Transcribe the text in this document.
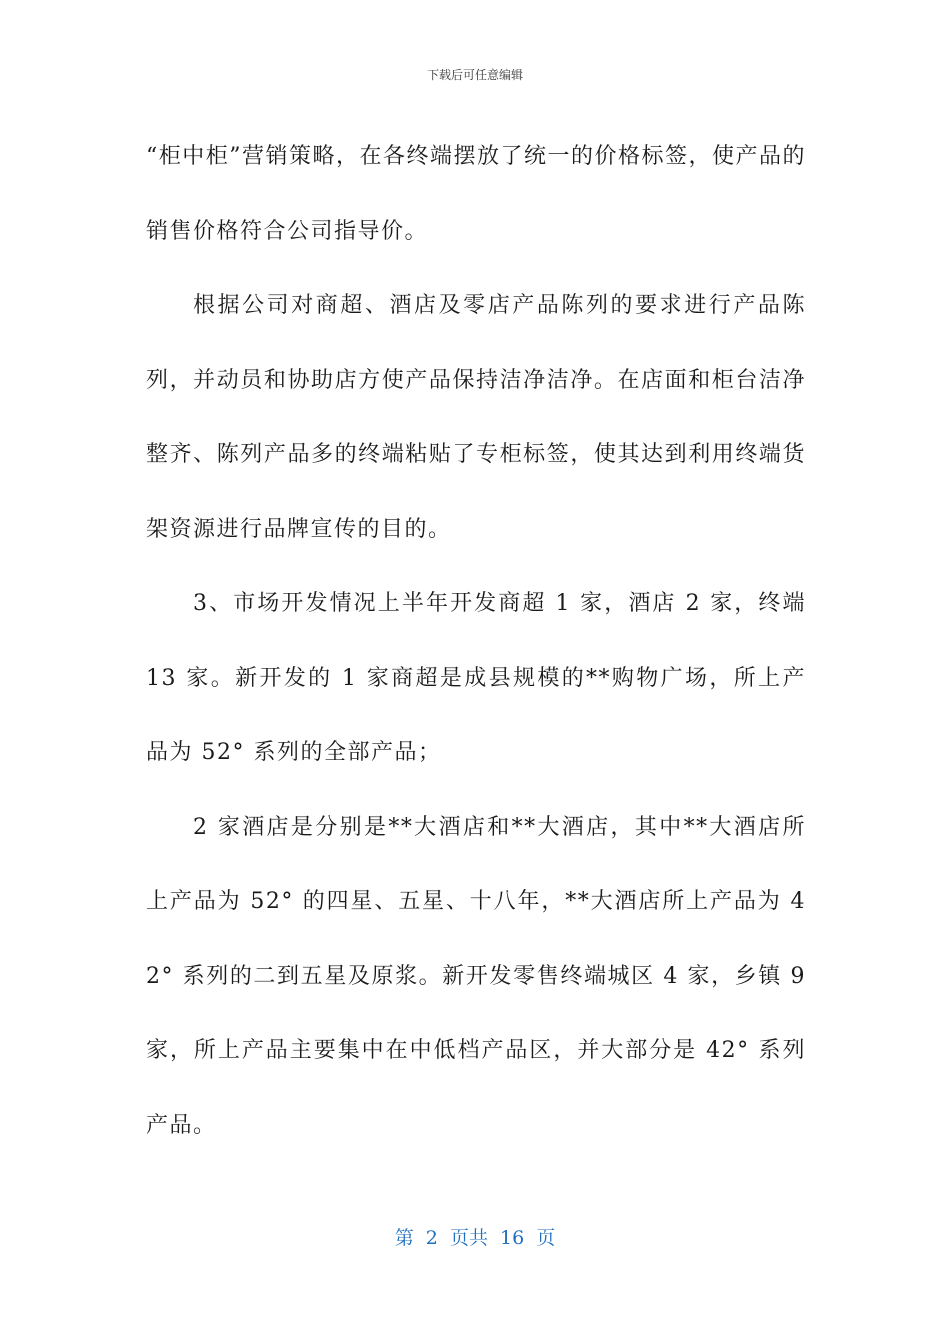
下载后可任意编辑

“柜中柜”营销策略，在各终端摆放了统一的价格标签，使产品的销售价格符合公司指导价。

根据公司对商超、酒店及零店产品陈列的要求进行产品陈列，并动员和协助店方使产品保持洁净洁净。在店面和柜台洁净整齐、陈列产品多的终端粘贴了专柜标签，使其达到利用终端货架资源进行品牌宣传的目的。

3、市场开发情况上半年开发商超 1 家，酒店 2 家，终端 13 家。新开发的 1 家商超是成县规模的**购物广场，所上产品为 52° 系列的全部产品；

2 家酒店是分别是**大酒店和**大酒店，其中**大酒店所上产品为 52° 的四星、五星、十八年，**大酒店所上产品为 42° 系列的二到五星及原浆。新开发零售终端城区 4 家，乡镇 9 家，所上产品主要集中在中低档产品区，并大部分是 42° 系列产品。

第  2  页共  16  页
